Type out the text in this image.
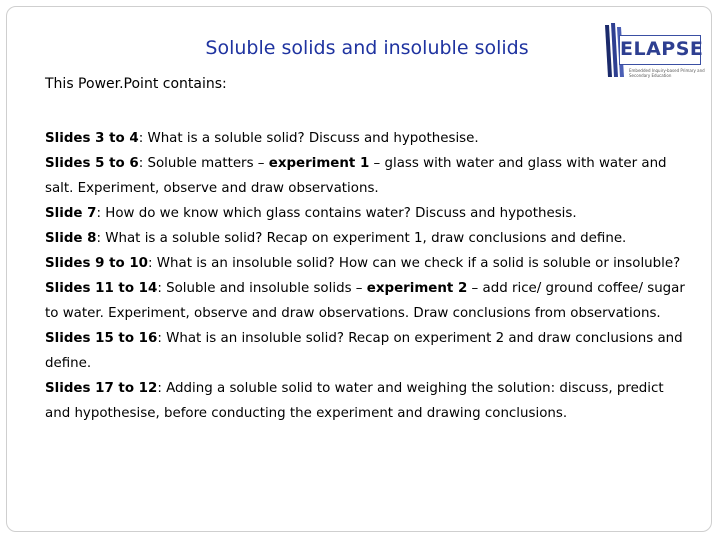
Soluble solids and insoluble solids	ELAPSE
Embedded Inquiry-based Primary and Secondary Education

This Power.Point contains:

Slides 3 to 4: What is a soluble solid? Discuss and hypothesise.
Slides 5 to 6: Soluble matters – experiment 1 – glass with water and glass with water and salt. Experiment, observe and draw observations.
Slide 7: How do we know which glass contains water? Discuss and hypothesis.
Slide 8: What is a soluble solid? Recap on experiment 1, draw conclusions and define.
Slides 9 to 10: What is an insoluble solid? How can we check if a solid is soluble or insoluble?
Slides 11 to 14: Soluble and insoluble solids – experiment 2 – add rice/ ground coffee/ sugar to water. Experiment, observe and draw observations. Draw conclusions from observations.
Slides 15 to 16: What is an insoluble solid? Recap on experiment 2 and draw conclusions and define.
Slides 17 to 12: Adding a soluble solid to water and weighing the solution: discuss, predict and hypothesise, before conducting the experiment and drawing conclusions.
